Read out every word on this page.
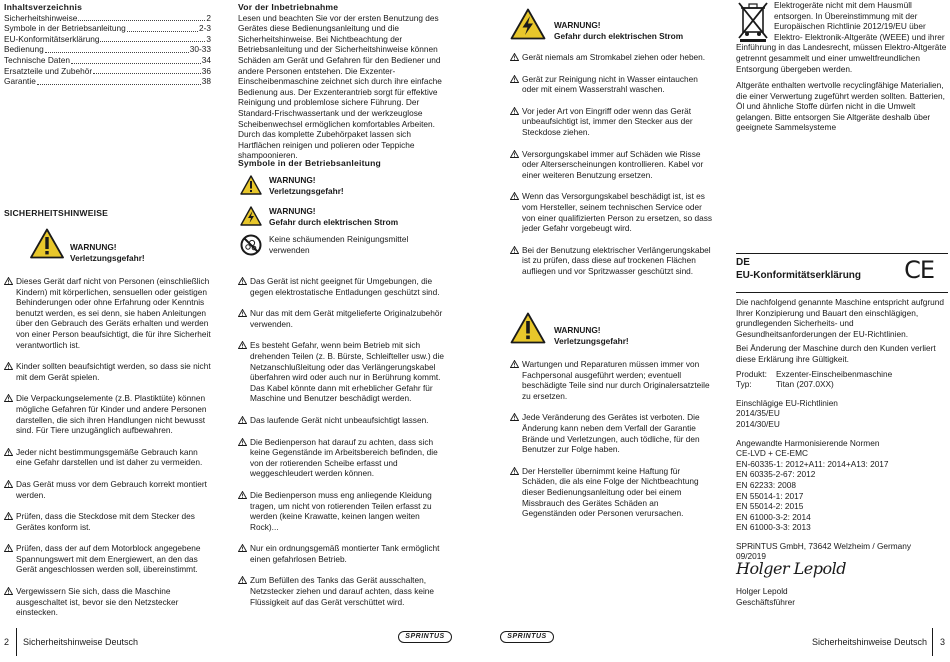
Inhaltsverzeichnis
Sicherheitshinweise	2
Symbole in der Betriebsanleitung	2-3
EU-Konformitätserklärung	3
Bedienung	30-33
Technische Daten	34
Ersatzteile und Zubehör	36
Garantie	38
SICHERHEITSHINWEISE
WARNUNG!
Verletzungsgefahr!
Dieses Gerät darf nicht von Personen (einschließlich Kindern) mit körperlichen, sensuellen oder geistigen Behinderungen oder ohne Erfahrung oder Kenntnis benutzt werden, es sei denn, sie haben Anleitungen über den Gebrauch des Geräts erhalten und werden von einer Person beaufsichtigt, die für ihre Sicherheit verantwortlich ist.
Kinder sollten beaufsichtigt werden, so dass sie nicht mit dem Gerät spielen.
Die Verpackungselemente (z.B. Plastiktüte) können mögliche Gefahren für Kinder und andere Personen darstellen, die sich ihren Handlungen nicht bewusst sind. Für Tiere unzugänglich aufbewahren.
Jeder nicht bestimmungsgemäße Gebrauch kann eine Gefahr darstellen und ist daher zu vermeiden.
Das Gerät muss vor dem Gebrauch korrekt montiert werden.
Prüfen, dass die Steckdose mit dem Stecker des Gerätes konform ist.
Prüfen, dass der auf dem Motorblock angegebene Spannungswert mit dem Energiewert, an den das Gerät angeschlossen werden soll, übereinstimmt.
Vergewissern Sie sich, dass die Maschine ausgeschaltet ist, bevor sie den Netzstecker einstecken.
Vor der Inbetriebnahme
Lesen und beachten Sie vor der ersten Benutzung des Gerätes diese Bedienungsanleitung und die Sicherheitshinweise. Bei Nichtbeachtung der Betriebsanleitung und der Sicherheitshinweise können Schäden am Gerät und Gefahren für den Bediener und andere Personen entstehen. Die Exzenter-Einscheibenmaschine zeichnet sich durch ihre einfache Bedienung aus. Der Exzenterantrieb sorgt für effektive Reinigung und problemlose sichere Führung. Der Standard-Frischwassertank und der werkzeuglose Scheibenwechsel ermöglichen komfortables Arbeiten. Durch das komplette Zubehörpaket lassen sich Hartflächen reinigen und polieren oder Teppiche shampoonieren.
Symbole in der Betriebsanleitung
WARNUNG!
Verletzungsgefahr!
WARNUNG!
Gefahr durch elektrischen Strom
Keine schäumenden Reinigungsmittel verwenden
Das Gerät ist nicht geeignet für Umgebungen, die gegen elektrostatische Entladungen geschützt sind.
Nur das mit dem Gerät mitgelieferte Originalzubehör verwenden.
Es besteht Gefahr, wenn beim Betrieb mit sich drehenden Teilen (z. B. Bürste, Schleifteller usw.) die Netzanschlußleitung oder das Verlängerungskabel überfahren wird oder auch nur in Berührung kommt. Das Kabel könnte dann mit erheblicher Gefahr für Maschine und Benutzer beschädigt werden.
Das laufende Gerät nicht unbeaufsichtigt lassen.
Die Bedienperson hat darauf zu achten, dass sich keine Gegenstände im Arbeitsbereich befinden, die von der rotierenden Scheibe erfasst und weggeschleudert werden können.
Die Bedienperson muss eng anliegende Kleidung tragen, um nicht von rotierenden Teilen erfasst zu werden (keine Krawatte, keinen langen weiten Rock)...
Nur ein ordnungsgemäß montierter Tank ermöglicht einen gefahrlosen Betrieb.
Zum Befüllen des Tanks das Gerät ausschalten, Netzstecker ziehen und darauf achten, dass keine Flüssigkeit auf das Gerät verschüttet wird.
WARNUNG!
Gefahr durch elektrischen Strom
Gerät niemals am Stromkabel ziehen oder heben.
Gerät zur Reinigung nicht in Wasser eintauchen oder mit einem Wasserstrahl waschen.
Vor jeder Art von Eingriff oder wenn das Gerät unbeaufsichtigt ist, immer den Stecker aus der Steckdose ziehen.
Versorgungskabel immer auf Schäden wie Risse oder Alterserscheinungen kontrollieren. Kabel vor einer weiteren Benutzung ersetzen.
Wenn das Versorgungskabel beschädigt ist, ist es vom Hersteller, seinem technischen Service oder von einer qualifizierten Person zu ersetzen, so dass jeder Gefahr vorgebeugt wird.
Bei der Benutzung elektrischer Verlängerungskabel ist zu prüfen, dass diese auf trockenen Flächen aufliegen und vor Spritzwasser geschützt sind.
WARNUNG!
Verletzungsgefahr!
Wartungen und Reparaturen müssen immer von Fachpersonal ausgeführt werden; eventuell beschädigte Teile sind nur durch Originalersatzteile zu ersetzen.
Jede Veränderung des Gerätes ist verboten. Die Änderung kann neben dem Verfall der Garantie Brände und Verletzungen, auch tödliche, für den Benutzer zur Folge haben.
Der Hersteller übernimmt keine Haftung für Schäden, die als eine Folge der Nichtbeachtung dieser Bedienungsanleitung oder bei einem Missbrauch des Gerätes Schäden an Gegenständen oder Personen verursachen.
Elektrogeräte nicht mit dem Hausmüll entsorgen. In Übereinstimmung mit der Europäischen Richtlinie 2012/19/EU über Elektro- Elektronik-Altgeräte (WEEE) und ihrer Einführung in das Landesrecht, müssen Elektro-Altgeräte getrennt gesammelt und einer umweltfreundlichen Entsorgung übergeben werden.
Altgeräte enthalten wertvolle recyclingfähige Materialien, die einer Verwertung zugeführt werden sollten. Batterien, Öl und ähnliche Stoffe dürfen nicht in die Umwelt gelangen. Bitte entsorgen Sie Altgeräte deshalb über geeignete Sammelsysteme
DE
EU-Konformitätserklärung CE
Die nachfolgend genannte Maschine entspricht aufgrund Ihrer Konzipierung und Bauart den einschlägigen, grundlegenden Sicherheits- und Gesundheitsanforderungen der EU-Richtlinien.
Bei Änderung der Maschine durch den Kunden verliert diese Erklärung ihre Gültigkeit.
Produkt:	Exzenter-Einscheibenmaschine
Typ:	Titan (207.0XX)
Einschlägige EU-Richtlinien
2014/35/EU
2014/30/EU
Angewandte Harmonisierende Normen
CE-LVD + CE-EMC
EN-60335-1: 2012+A11: 2014+A13: 2017
EN 60335-2-67: 2012
EN 62233: 2008
EN 55014-1: 2017
EN 55014-2: 2015
EN 61000-3-2: 2014
EN 61000-3-3: 2013
SPRiNTUS GmbH, 73642 Welzheim / Germany
09/2019
Holger Lepold
Holger Lepold
Geschäftsführer
2 Sicherheitshinweise Deutsch
SPRINTUS	SPRINTUS
Sicherheitshinweise Deutsch 3
